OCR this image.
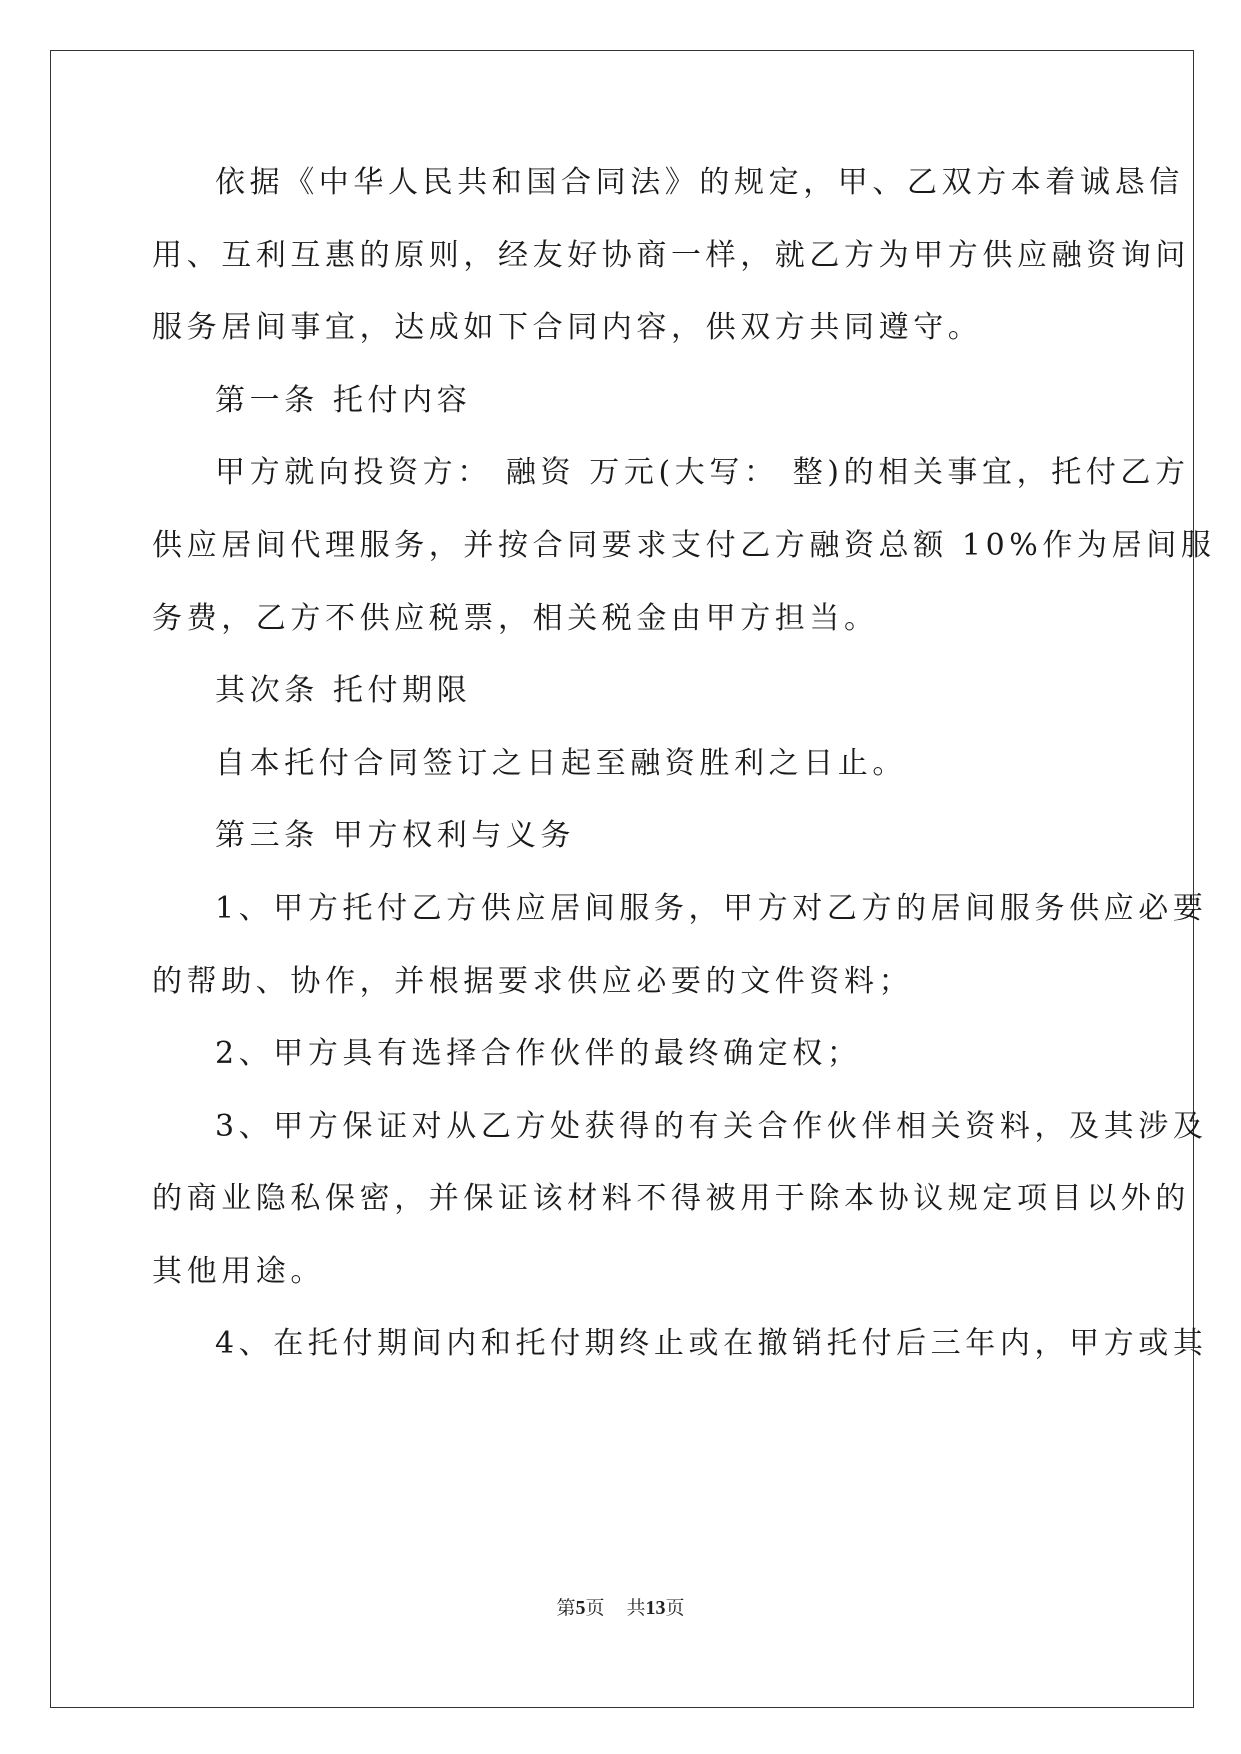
依据《中华人民共和国合同法》的规定，甲、乙双方本着诚恳信
用、互利互惠的原则，经友好协商一样，就乙方为甲方供应融资询问
服务居间事宜，达成如下合同内容，供双方共同遵守。
第一条 托付内容
甲方就向投资方： 融资 万元(大写： 整)的相关事宜，托付乙方
供应居间代理服务，并按合同要求支付乙方融资总额 10%作为居间服
务费，乙方不供应税票，相关税金由甲方担当。
其次条 托付期限
自本托付合同签订之日起至融资胜利之日止。
第三条 甲方权利与义务
1、甲方托付乙方供应居间服务，甲方对乙方的居间服务供应必要
的帮助、协作，并根据要求供应必要的文件资料；
2、甲方具有选择合作伙伴的最终确定权；
3、甲方保证对从乙方处获得的有关合作伙伴相关资料，及其涉及
的商业隐私保密，并保证该材料不得被用于除本协议规定项目以外的
其他用途。
4、在托付期间内和托付期终止或在撤销托付后三年内，甲方或其
第5页 共13页
